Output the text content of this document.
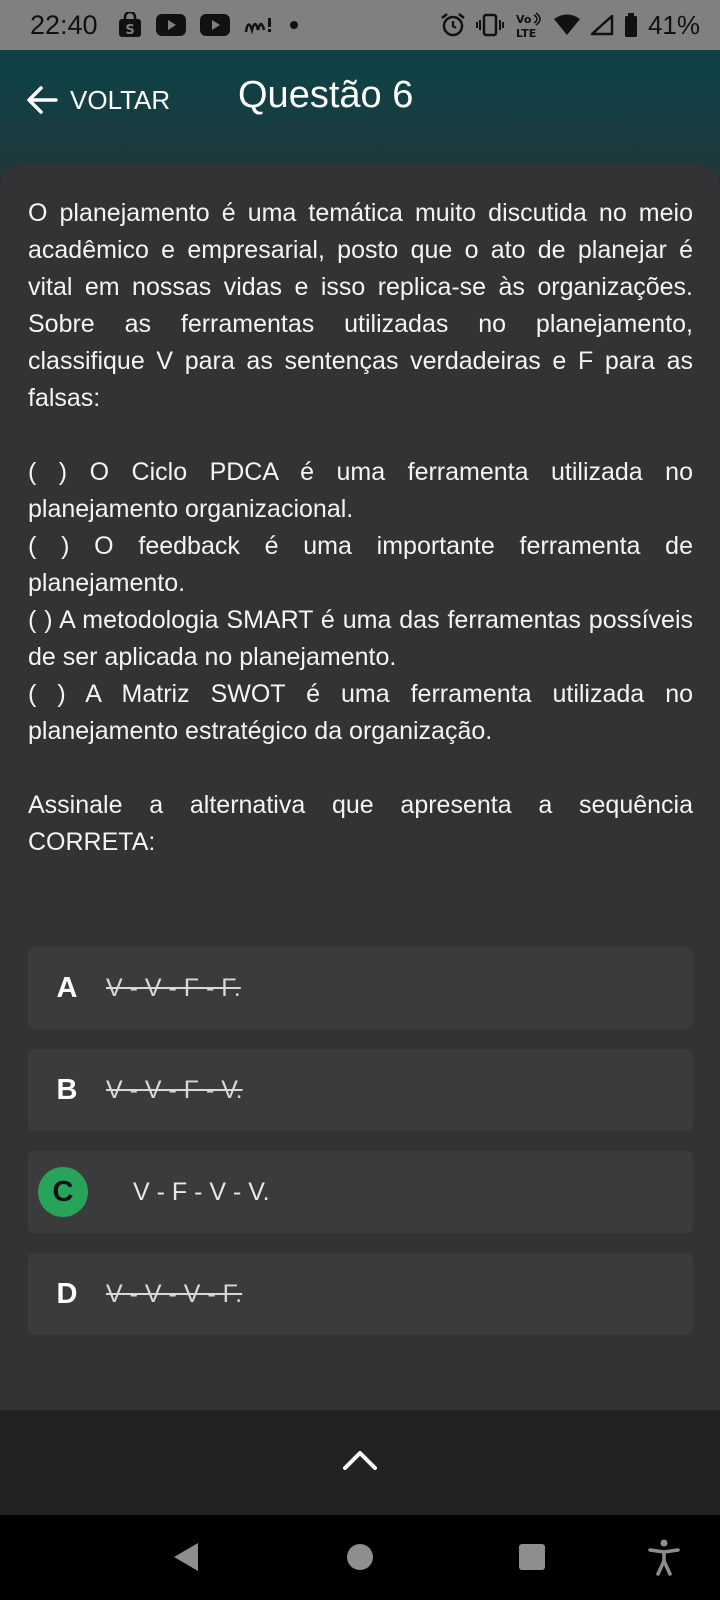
22:40 S
Vo
LTE	41%
VOLTAR Questão 6

O planejamento é uma temática muito discutida no meio acadêmico e empresarial, posto que o ato de planejar é vital em nossas vidas e isso replica-se às organizações. Sobre as ferramentas utilizadas no planejamento, classifique V para as sentenças verdadeiras e F para as falsas:

( ) O Ciclo PDCA é uma ferramenta utilizada no planejamento organizacional.

( ) O feedback é uma importante ferramenta de planejamento.

( ) A metodologia SMART é uma das ferramentas possíveis de ser aplicada no planejamento.

( ) A Matriz SWOT é uma ferramenta utilizada no planejamento estratégico da organização.

Assinale a alternativa que apresenta a sequência CORRETA:

A	V - V - F - F.
B	V - V - F - V.
C	V - F - V - V.
D	V - V - V - F.
